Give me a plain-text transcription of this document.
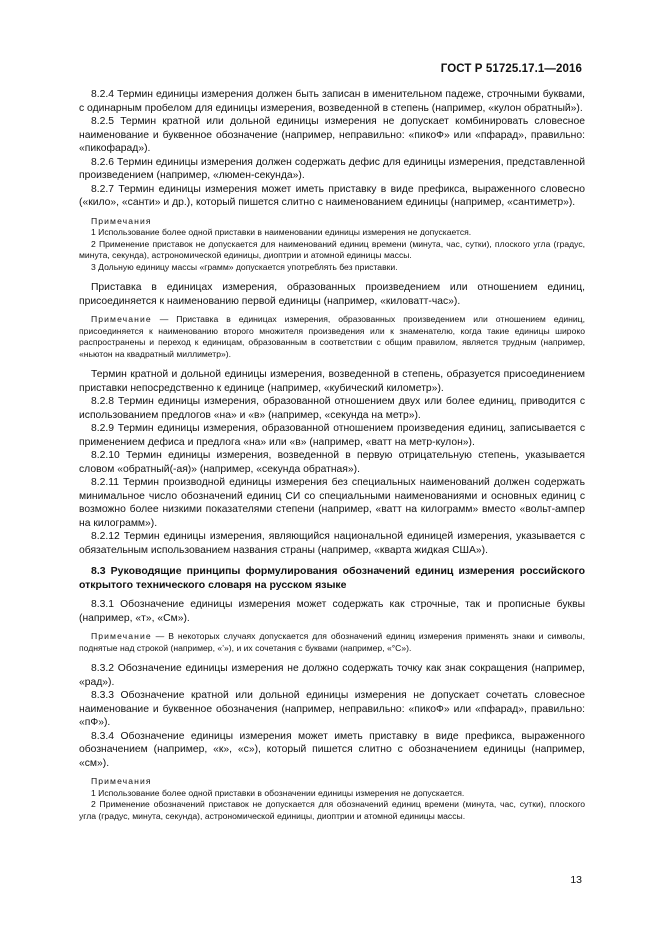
ГОСТ Р 51725.17.1—2016

8.2.4 Термин единицы измерения должен быть записан в именительном падеже, строчными буквами, с одинарным пробелом для единицы измерения, возведенной в степень (например, «кулон обратный»).

8.2.5 Термин кратной или дольной единицы измерения не допускает комбинировать словесное наименование и буквенное обозначение (например, неправильно: «пикоФ» или «пфарад», правильно: «пикофарад»).

8.2.6 Термин единицы измерения должен содержать дефис для единицы измерения, представленной произведением (например, «люмен-секунда»).

8.2.7 Термин единицы измерения может иметь приставку в виде префикса, выраженного словесно («кило», «санти» и др.), который пишется слитно с наименованием единицы (например, «сантиметр»).

Примечания

1 Использование более одной приставки в наименовании единицы измерения не допускается.

2 Применение приставок не допускается для наименований единиц времени (минута, час, сутки), плоского угла (градус, минута, секунда), астрономической единицы, диоптрии и атомной единицы массы.

3 Дольную единицу массы «грамм» допускается употреблять без приставки.

Приставка в единицах измерения, образованных произведением или отношением единиц, присоединяется к наименованию первой единицы (например, «киловатт-час»).

Примечание — Приставка в единицах измерения, образованных произведением или отношением единиц, присоединяется к наименованию второго множителя произведения или к знаменателю, когда такие единицы широко распространены и переход к единицам, образованным в соответствии с общим правилом, является трудным (например, «ньютон на квадратный миллиметр»).

Термин кратной и дольной единицы измерения, возведенной в степень, образуется присоединением приставки непосредственно к единице (например, «кубический километр»).

8.2.8 Термин единицы измерения, образованной отношением двух или более единиц, приводится с использованием предлогов «на» и «в» (например, «секунда на метр»).

8.2.9 Термин единицы измерения, образованной отношением произведения единиц, записывается с применением дефиса и предлога «на» или «в» (например, «ватт на метр-кулон»).

8.2.10 Термин единицы измерения, возведенной в первую отрицательную степень, указывается словом «обратный(-ая)» (например, «секунда обратная»).

8.2.11 Термин производной единицы измерения без специальных наименований должен содержать минимальное число обозначений единиц СИ со специальными наименованиями и основных единиц с возможно более низкими показателями степени (например, «ватт на килограмм» вместо «вольт-ампер на килограмм»).

8.2.12 Термин единицы измерения, являющийся национальной единицей измерения, указывается с обязательным использованием названия страны (например, «кварта жидкая США»).

8.3 Руководящие принципы формулирования обозначений единиц измерения российского открытого технического словаря на русском языке

8.3.1 Обозначение единицы измерения может содержать как строчные, так и прописные буквы (например, «т», «См»).

Примечание — В некоторых случаях допускается для обозначений единиц измерения применять знаки и символы, поднятые над строкой (например, «’»), и их сочетания с буквами (например, «°С»).

8.3.2 Обозначение единицы измерения не должно содержать точку как знак сокращения (например, «рад»).

8.3.3 Обозначение кратной или дольной единицы измерения не допускает сочетать словесное наименование и буквенное обозначения (например, неправильно: «пикоФ» или «пфарад», правильно: «пФ»).

8.3.4 Обозначение единицы измерения может иметь приставку в виде префикса, выраженного обозначением (например, «к», «с»), который пишется слитно с обозначением единицы (например, «см»).

Примечания

1 Использование более одной приставки в обозначении единицы измерения не допускается.

2 Применение обозначений приставок не допускается для обозначений единиц времени (минута, час, сутки), плоского угла (градус, минута, секунда), астрономической единицы, диоптрии и атомной единицы массы.

13
